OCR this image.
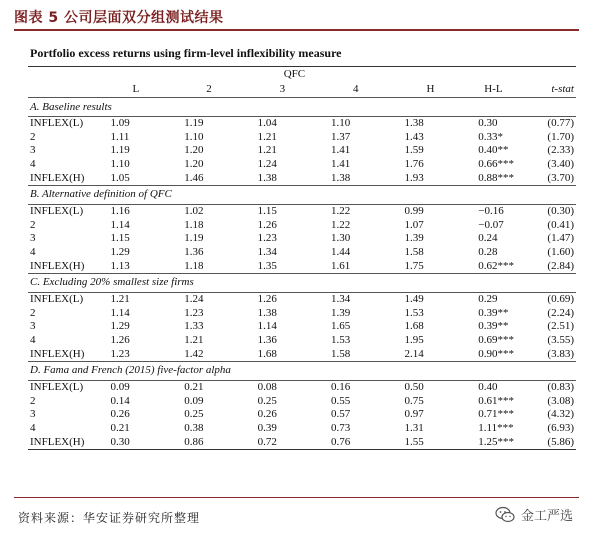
图表 5 公司层面双分组测试结果
Portfolio excess returns using firm-level inflexibility measure
	QFC						
	L	2	3	4	H	H-L	t-stat
A. Baseline results							
INFLEX(L)	1.09	1.19	1.04	1.10	1.38	0.30	(0.77)
2	1.11	1.10	1.21	1.37	1.43	0.33*	(1.70)
3	1.19	1.20	1.21	1.41	1.59	0.40**	(2.33)
4	1.10	1.20	1.24	1.41	1.76	0.66***	(3.40)
INFLEX(H)	1.05	1.46	1.38	1.38	1.93	0.88***	(3.70)
B. Alternative definition of QFC							
INFLEX(L)	1.16	1.02	1.15	1.22	0.99	−0.16	(0.30)
2	1.14	1.18	1.26	1.22	1.07	−0.07	(0.41)
3	1.15	1.19	1.23	1.30	1.39	0.24	(1.47)
4	1.29	1.36	1.34	1.44	1.58	0.28	(1.60)
INFLEX(H)	1.13	1.18	1.35	1.61	1.75	0.62***	(2.84)
C. Excluding 20% smallest size firms							
INFLEX(L)	1.21	1.24	1.26	1.34	1.49	0.29	(0.69)
2	1.14	1.23	1.38	1.39	1.53	0.39**	(2.24)
3	1.29	1.33	1.14	1.65	1.68	0.39**	(2.51)
4	1.26	1.21	1.36	1.53	1.95	0.69***	(3.55)
INFLEX(H)	1.23	1.42	1.68	1.58	2.14	0.90***	(3.83)
D. Fama and French (2015) five-factor alpha							
INFLEX(L)	0.09	0.21	0.08	0.16	0.50	0.40	(0.83)
2	0.14	0.09	0.25	0.55	0.75	0.61***	(3.08)
3	0.26	0.25	0.26	0.57	0.97	0.71***	(4.32)
4	0.21	0.38	0.39	0.73	1.31	1.11***	(6.93)
INFLEX(H)	0.30	0.86	0.72	0.76	1.55	1.25***	(5.86)
资料来源：华安证券研究所整理	金工严选
